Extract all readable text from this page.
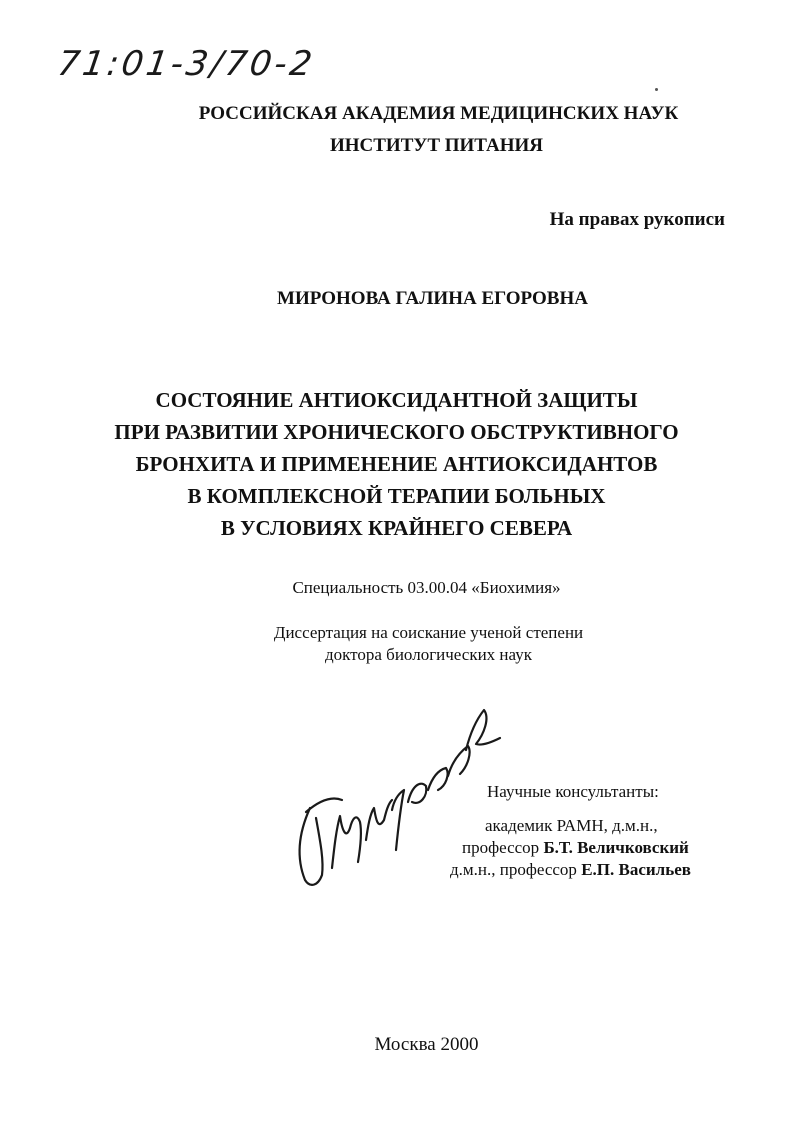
71:01-3/70-2
РОССИЙСКАЯ АКАДЕМИЯ МЕДИЦИНСКИХ НАУК
ИНСТИТУТ ПИТАНИЯ
На правах рукописи
МИРОНОВА ГАЛИНА ЕГОРОВНА
СОСТОЯНИЕ АНТИОКСИДАНТНОЙ ЗАЩИТЫ
ПРИ РАЗВИТИИ ХРОНИЧЕСКОГО ОБСТРУКТИВНОГО
БРОНХИТА И ПРИМЕНЕНИЕ АНТИОКСИДАНТОВ
В КОМПЛЕКСНОЙ ТЕРАПИИ БОЛЬНЫХ
В УСЛОВИЯХ КРАЙНЕГО СЕВЕРА
Специальность 03.00.04 «Биохимия»
Диссертация на соискание ученой степени
доктора биологических наук
Научные консультанты:
академик РАМН, д.м.н.,
профессор Б.Т. Величковский
д.м.н., профессор Е.П. Васильев
Москва 2000
